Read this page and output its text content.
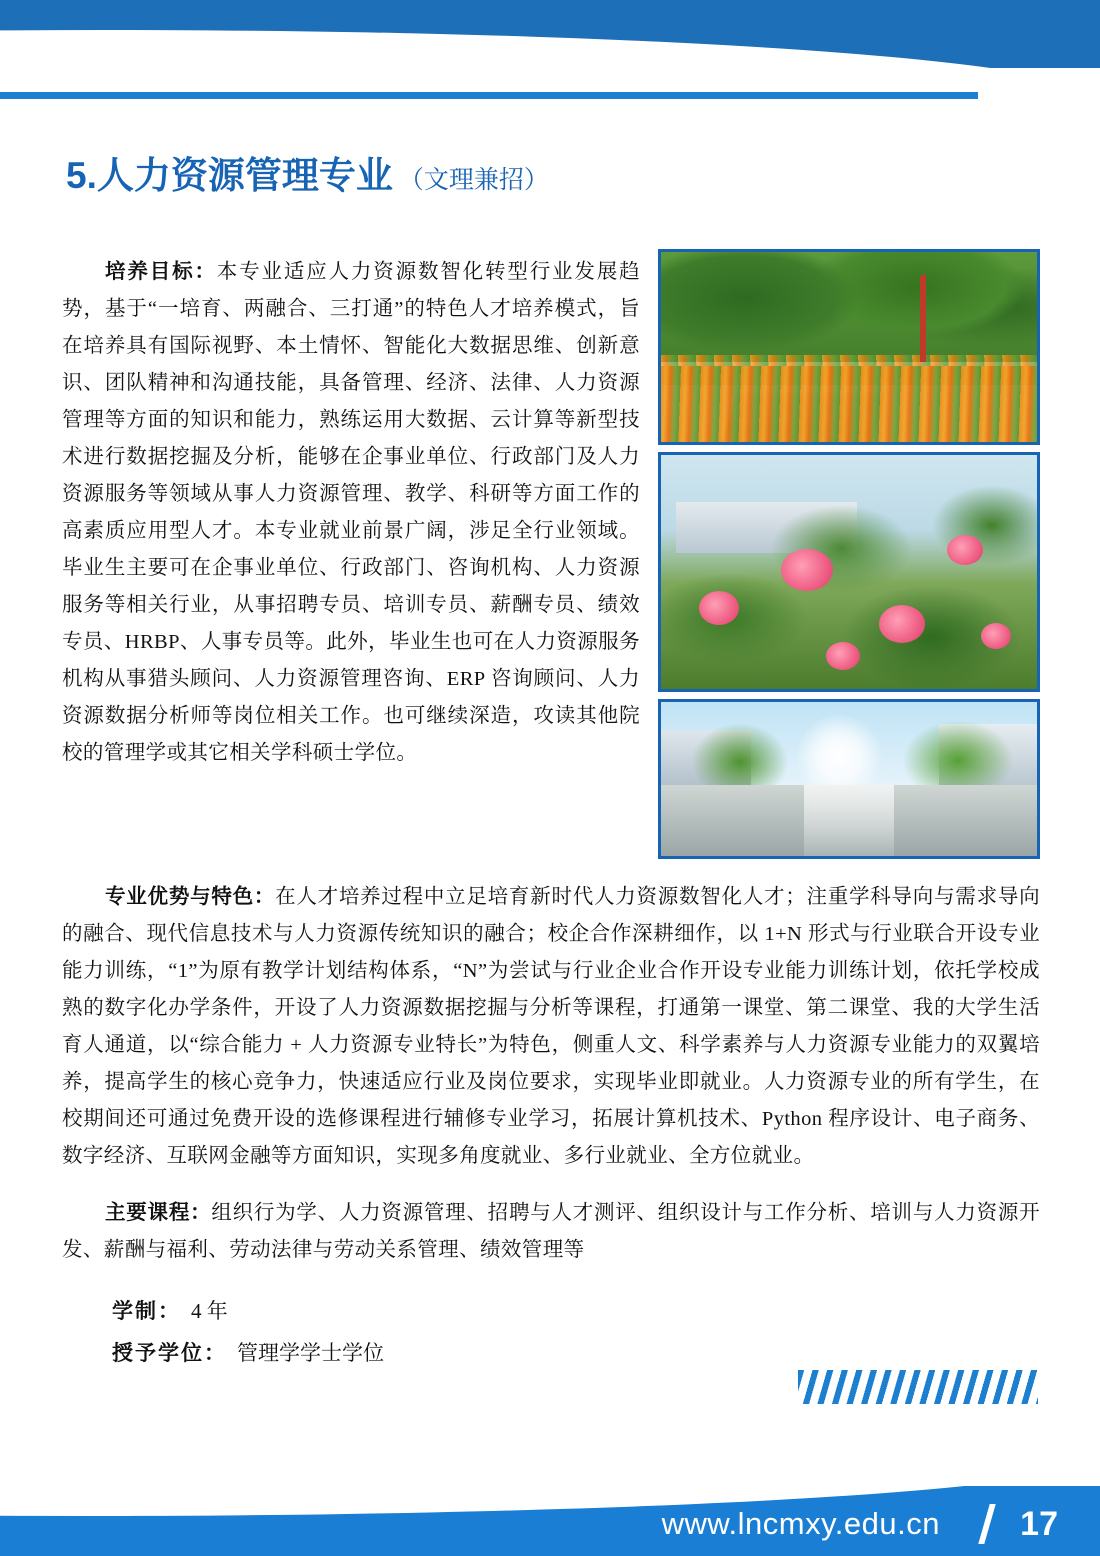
5.人力资源管理专业 （文理兼招）

培养目标：本专业适应人力资源数智化转型行业发展趋势，基于“一培育、两融合、三打通”的特色人才培养模式，旨在培养具有国际视野、本土情怀、智能化大数据思维、创新意识、团队精神和沟通技能，具备管理、经济、法律、人力资源管理等方面的知识和能力，熟练运用大数据、云计算等新型技术进行数据挖掘及分析，能够在企事业单位、行政部门及人力资源服务等领域从事人力资源管理、教学、科研等方面工作的高素质应用型人才。本专业就业前景广阔，涉足全行业领域。毕业生主要可在企事业单位、行政部门、咨询机构、人力资源服务等相关行业，从事招聘专员、培训专员、薪酬专员、绩效专员、HRBP、人事专员等。此外，毕业生也可在人力资源服务机构从事猎头顾问、人力资源管理咨询、ERP 咨询顾问、人力资源数据分析师等岗位相关工作。也可继续深造，攻读其他院校的管理学或其它相关学科硕士学位。

专业优势与特色：在人才培养过程中立足培育新时代人力资源数智化人才；注重学科导向与需求导向的融合、现代信息技术与人力资源传统知识的融合；校企合作深耕细作，以 1+N 形式与行业联合开设专业能力训练，“1”为原有教学计划结构体系，“N”为尝试与行业企业合作开设专业能力训练计划，依托学校成熟的数字化办学条件，开设了人力资源数据挖掘与分析等课程，打通第一课堂、第二课堂、我的大学生活育人通道，以“综合能力 + 人力资源专业特长”为特色，侧重人文、科学素养与人力资源专业能力的双翼培养，提高学生的核心竞争力，快速适应行业及岗位要求，实现毕业即就业。人力资源专业的所有学生，在校期间还可通过免费开设的选修课程进行辅修专业学习，拓展计算机技术、Python 程序设计、电子商务、数字经济、互联网金融等方面知识，实现多角度就业、多行业就业、全方位就业。

主要课程：组织行为学、人力资源管理、招聘与人才测评、组织设计与工作分析、培训与人力资源开发、薪酬与福利、劳动法律与劳动关系管理、绩效管理等

学制： 4 年
授予学位： 管理学学士学位
www.lncmxy.edu.cn 17
